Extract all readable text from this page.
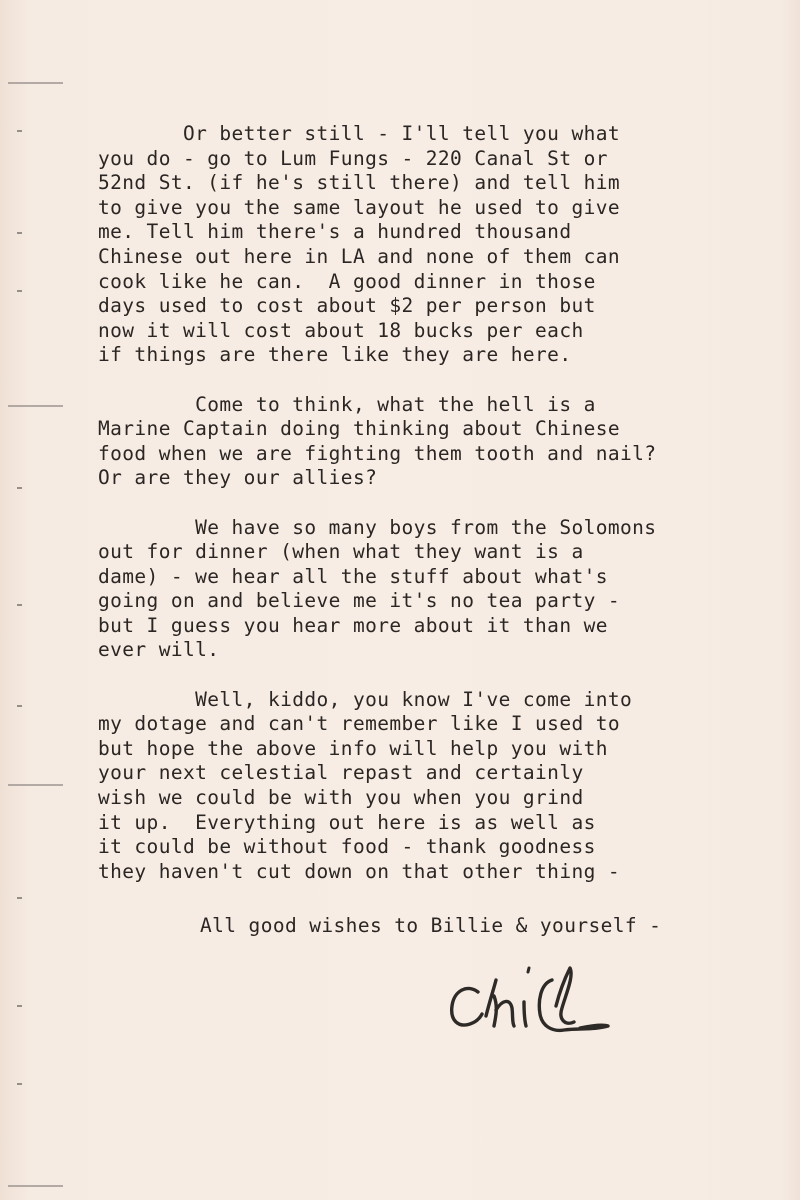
Or better still - I'll tell you what
you do - go to Lum Fungs - 220 Canal St or
52nd St. (if he's still there) and tell him
to give you the same layout he used to give
me. Tell him there's a hundred thousand
Chinese out here in LA and none of them can
cook like he can.  A good dinner in those
days used to cost about $2 per person but
now it will cost about 18 bucks per each
if things are there like they are here.
Come to think, what the hell is a
Marine Captain doing thinking about Chinese
food when we are fighting them tooth and nail?
Or are they our allies?
We have so many boys from the Solomons
out for dinner (when what they want is a
dame) - we hear all the stuff about what's
going on and believe me it's no tea party -
but I guess you hear more about it than we
ever will.
Well, kiddo, you know I've come into
my dotage and can't remember like I used to
but hope the above info will help you with
your next celestial repast and certainly
wish we could be with you when you grind
it up.  Everything out here is as well as
it could be without food - thank goodness
they haven't cut down on that other thing -
All good wishes to Billie & yourself -
